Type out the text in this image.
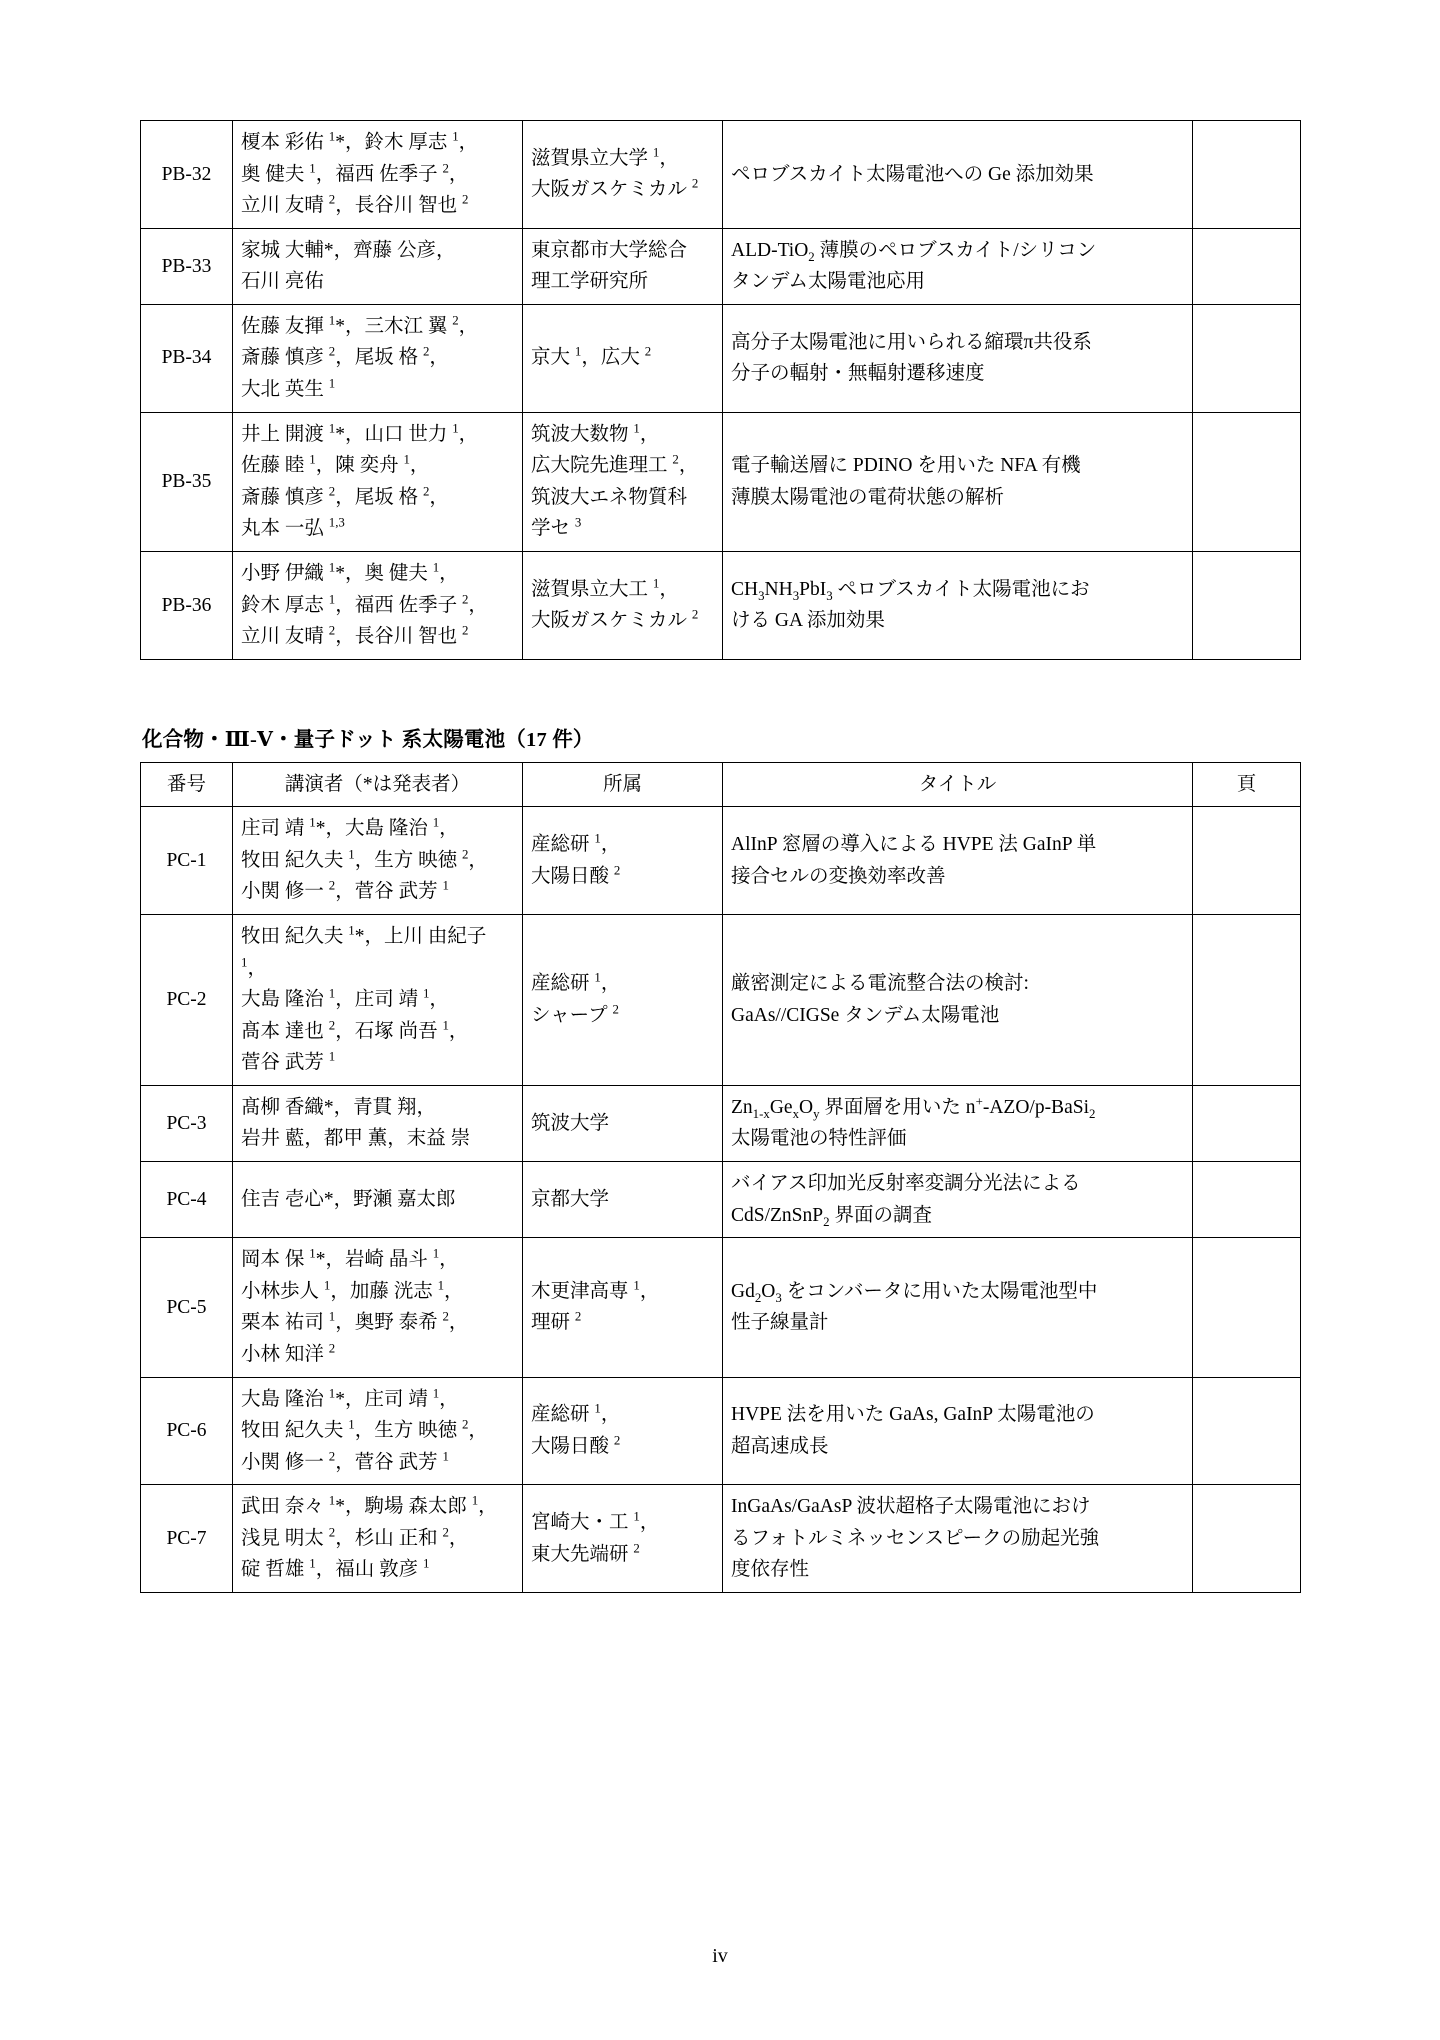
PB-32	榎本 彩佑 $^1$*，鈴木 厚志 $^1$，
奥 健夫 $^1$，福西 佐季子 $^2$，
立川 友晴 $^2$，長谷川 智也 $^2$	滋賀県立大学 $^1$，
大阪ガスケミカル $^2$	ペロブスカイト太陽電池への Ge 添加効果	
PB-33	家城 大輔*，齊藤 公彦，
石川 亮佑	東京都市大学総合
理工学研究所	ALD-TiO$_2$ 薄膜のペロブスカイト/シリコン
タンデム太陽電池応用	
PB-34	佐藤 友揮 $^1$*，三木江 翼 $^2$，
斎藤 慎彦 $^2$，尾坂 格 $^2$，
大北 英生 $^1$	京大 $^1$，広大 $^2$	高分子太陽電池に用いられる縮環π共役系
分子の輻射・無輻射遷移速度	
PB-35	井上 開渡 $^1$*，山口 世力 $^1$，
佐藤 睦 $^1$，陳 奕舟 $^1$，
斎藤 慎彦 $^2$，尾坂 格 $^2$，
丸本 一弘 $^{1,3}$	筑波大数物 $^1$，
広大院先進理工 $^2$，
筑波大エネ物質科
学セ $^3$	電子輸送層に PDINO を用いた NFA 有機
薄膜太陽電池の電荷状態の解析	
PB-36	小野 伊織 $^1$*，奥 健夫 $^1$，
鈴木 厚志 $^1$，福西 佐季子 $^2$，
立川 友晴 $^2$，長谷川 智也 $^2$	滋賀県立大工 $^1$，
大阪ガスケミカル $^2$	$CH_3NH_3PbI_3$ ペロブスカイト太陽電池にお
ける GA 添加効果	
化合物・Ⅲ-Ⅴ・量子ドット 系太陽電池（17 件）
番号	講演者（*は発表者）	所属	タイトル	頁
PC-1	庄司 靖 $^1$*，大島 隆治 $^1$，
牧田 紀久夫 $^1$，生方 映徳 $^2$，
小関 修一 $^2$，菅谷 武芳 $^1$	産総研 $^1$，
大陽日酸 $^2$	AlInP 窓層の導入による HVPE 法 GaInP 単
接合セルの変換効率改善	
PC-2	牧田 紀久夫 $^1$*，上川 由紀子 $^1$，
大島 隆治 $^1$，庄司 靖 $^1$，
髙本 達也 $^2$，石塚 尚吾 $^1$，
菅谷 武芳 $^1$	産総研 $^1$，
シャープ $^2$	厳密測定による電流整合法の検討:
GaAs//CIGSe タンデム太陽電池	
PC-3	髙柳 香織*，青貫 翔，
岩井 藍，都甲 薫，末益 崇	筑波大学	$Zn_{1-x}Ge_xO_y$ 界面層を用いた n+-AZO/p-BaSi$_2$
太陽電池の特性評価	
PC-4	住吉 壱心*，野瀬 嘉太郎	京都大学	バイアス印加光反射率変調分光法による
CdS/ZnSnP$_2$ 界面の調査	
PC-5	岡本 保 $^1$*，岩崎 晶斗 $^1$，
小林歩人 $^1$，加藤 洸志 $^1$，
栗本 祐司 $^1$，奥野 泰希 $^2$，
小林 知洋 $^2$	木更津高専 $^1$，
理研 $^2$	$Gd_2O_3$ をコンバータに用いた太陽電池型中
性子線量計	
PC-6	大島 隆治 $^1$*，庄司 靖 $^1$，
牧田 紀久夫 $^1$，生方 映徳 $^2$，
小関 修一 $^2$，菅谷 武芳 $^1$	産総研 $^1$，
大陽日酸 $^2$	HVPE 法を用いた GaAs, GaInP 太陽電池の
超高速成長	
PC-7	武田 奈々 $^1$*，駒場 森太郎 $^1$，
浅見 明太 $^2$，杉山 正和 $^2$，
碇 哲雄 $^1$，福山 敦彦 $^1$	宮崎大・工 $^1$，
東大先端研 $^2$	InGaAs/GaAsP 波状超格子太陽電池におけ
るフォトルミネッセンスピークの励起光強
度依存性	
iv
